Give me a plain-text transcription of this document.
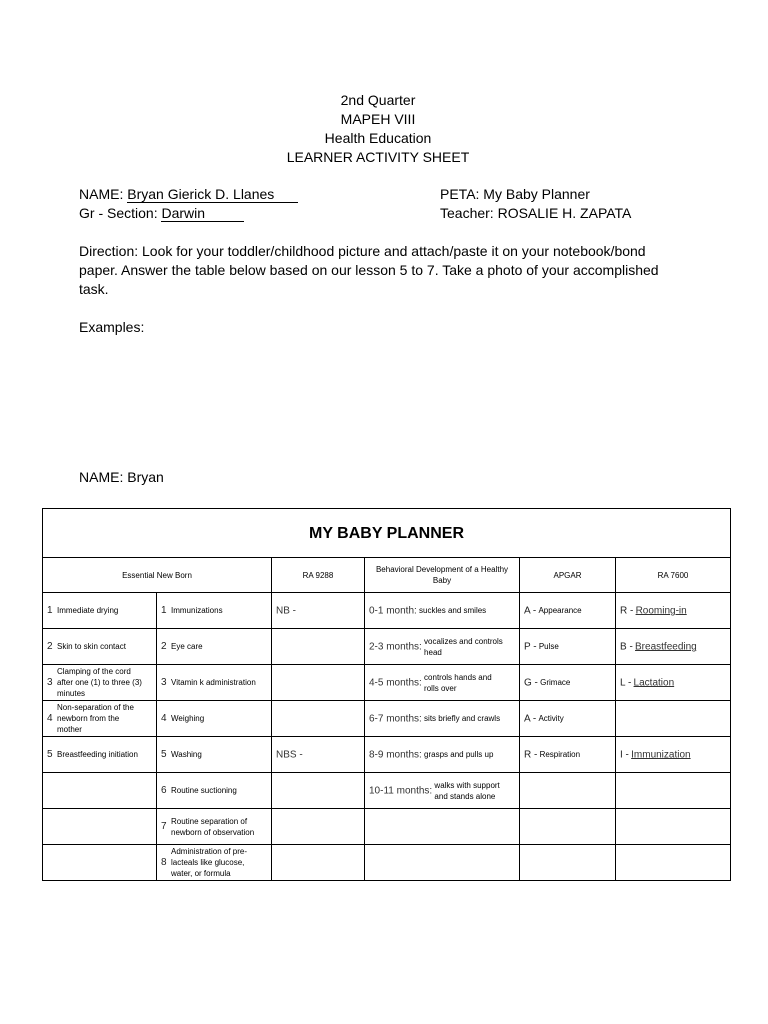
2nd Quarter
MAPEH VIII
Health Education
LEARNER ACTIVITY SHEET
NAME: Bryan Gierick D. Llanes
Gr - Section: Darwin
PETA: My Baby Planner
Teacher: ROSALIE H. ZAPATA
Direction: Look for your toddler/childhood picture and attach/paste it on your notebook/bond paper. Answer the table below based on our lesson 5 to 7. Take a photo of your accomplished task.
Examples:
NAME: Bryan
MY BABY PLANNER					
Essential New Born		RA 9288	Behavioral Development of a Healthy Baby	APGAR	RA 7600
1 Immediate drying	1 Immunizations	NB -	0-1 month: suckles and smiles	A - Appearance	R - Rooming-in
2 Skin to skin contact	2 Eye care		2-3 months: vocalizes and controls head	P - Pulse	B - Breastfeeding
3Clamping of the cord after one (1) to three (3) minutes	3 Vitamin k administration		4-5 months: controls hands and rolls over	G - Grimace	L - Lactation
4Non-separation of the newborn from the mother	4 Weighing		6-7 months: sits briefly and crawls	A - Activity	
5 Breastfeeding initiation	5 Washing	NBS -	8-9 months: grasps and pulls up	R - Respiration	I - Immunization
	6 Routine suctioning		10-11 months: walks with support and stands alone		
	7 Routine separation of newborn of observation				
	8Administration of pre-lacteals like glucose, water, or formula				
